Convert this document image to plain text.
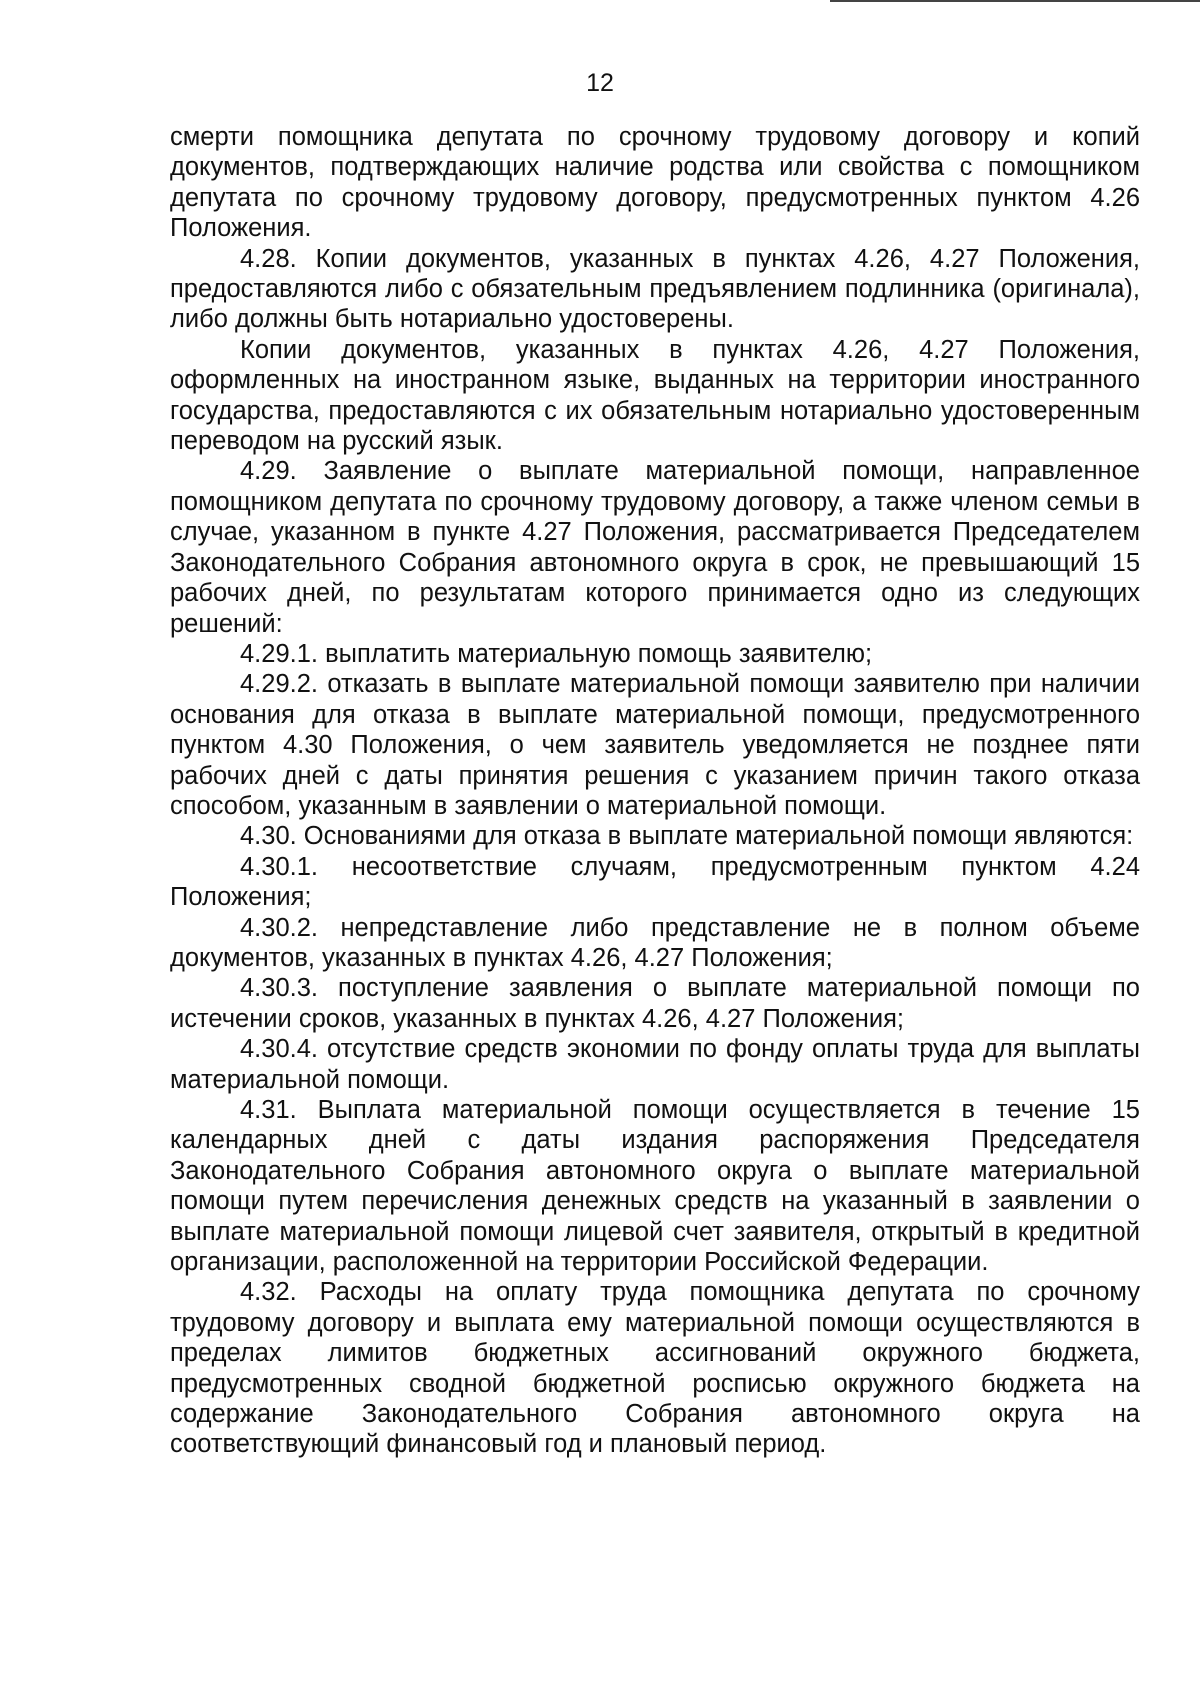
12

смерти помощника депутата по срочному трудовому договору и копий документов, подтверждающих наличие родства или свойства с помощником депутата по срочному трудовому договору, предусмотренных пунктом 4.26 Положения.

4.28. Копии документов, указанных в пунктах 4.26, 4.27 Положения, предоставляются либо с обязательным предъявлением подлинника (оригинала), либо должны быть нотариально удостоверены.

Копии документов, указанных в пунктах 4.26, 4.27 Положения, оформленных на иностранном языке, выданных на территории иностранного государства, предоставляются с их обязательным нотариально удостоверенным переводом на русский язык.

4.29. Заявление о выплате материальной помощи, направленное помощником депутата по срочному трудовому договору, а также членом семьи в случае, указанном в пункте 4.27 Положения, рассматривается Председателем Законодательного Собрания автономного округа в срок, не превышающий 15 рабочих дней, по результатам которого принимается одно из следующих решений:

4.29.1. выплатить материальную помощь заявителю;

4.29.2. отказать в выплате материальной помощи заявителю при наличии основания для отказа в выплате материальной помощи, предусмотренного пунктом 4.30 Положения, о чем заявитель уведомляется не позднее пяти рабочих дней с даты принятия решения с указанием причин такого отказа способом, указанным в заявлении о материальной помощи.

4.30. Основаниями для отказа в выплате материальной помощи являются:

4.30.1. несоответствие случаям, предусмотренным пунктом 4.24 Положения;

4.30.2. непредставление либо представление не в полном объеме документов, указанных в пунктах 4.26, 4.27 Положения;

4.30.3. поступление заявления о выплате материальной помощи по истечении сроков, указанных в пунктах 4.26, 4.27 Положения;

4.30.4. отсутствие средств экономии по фонду оплаты труда для выплаты материальной помощи.

4.31. Выплата материальной помощи осуществляется в течение 15 календарных дней с даты издания распоряжения Председателя Законодательного Собрания автономного округа о выплате материальной помощи путем перечисления денежных средств на указанный в заявлении о выплате материальной помощи лицевой счет заявителя, открытый в кредитной организации, расположенной на территории Российской Федерации.

4.32. Расходы на оплату труда помощника депутата по срочному трудовому договору и выплата ему материальной помощи осуществляются в пределах лимитов бюджетных ассигнований окружного бюджета, предусмотренных сводной бюджетной росписью окружного бюджета на содержание Законодательного Собрания автономного округа на соответствующий финансовый год и плановый период.
